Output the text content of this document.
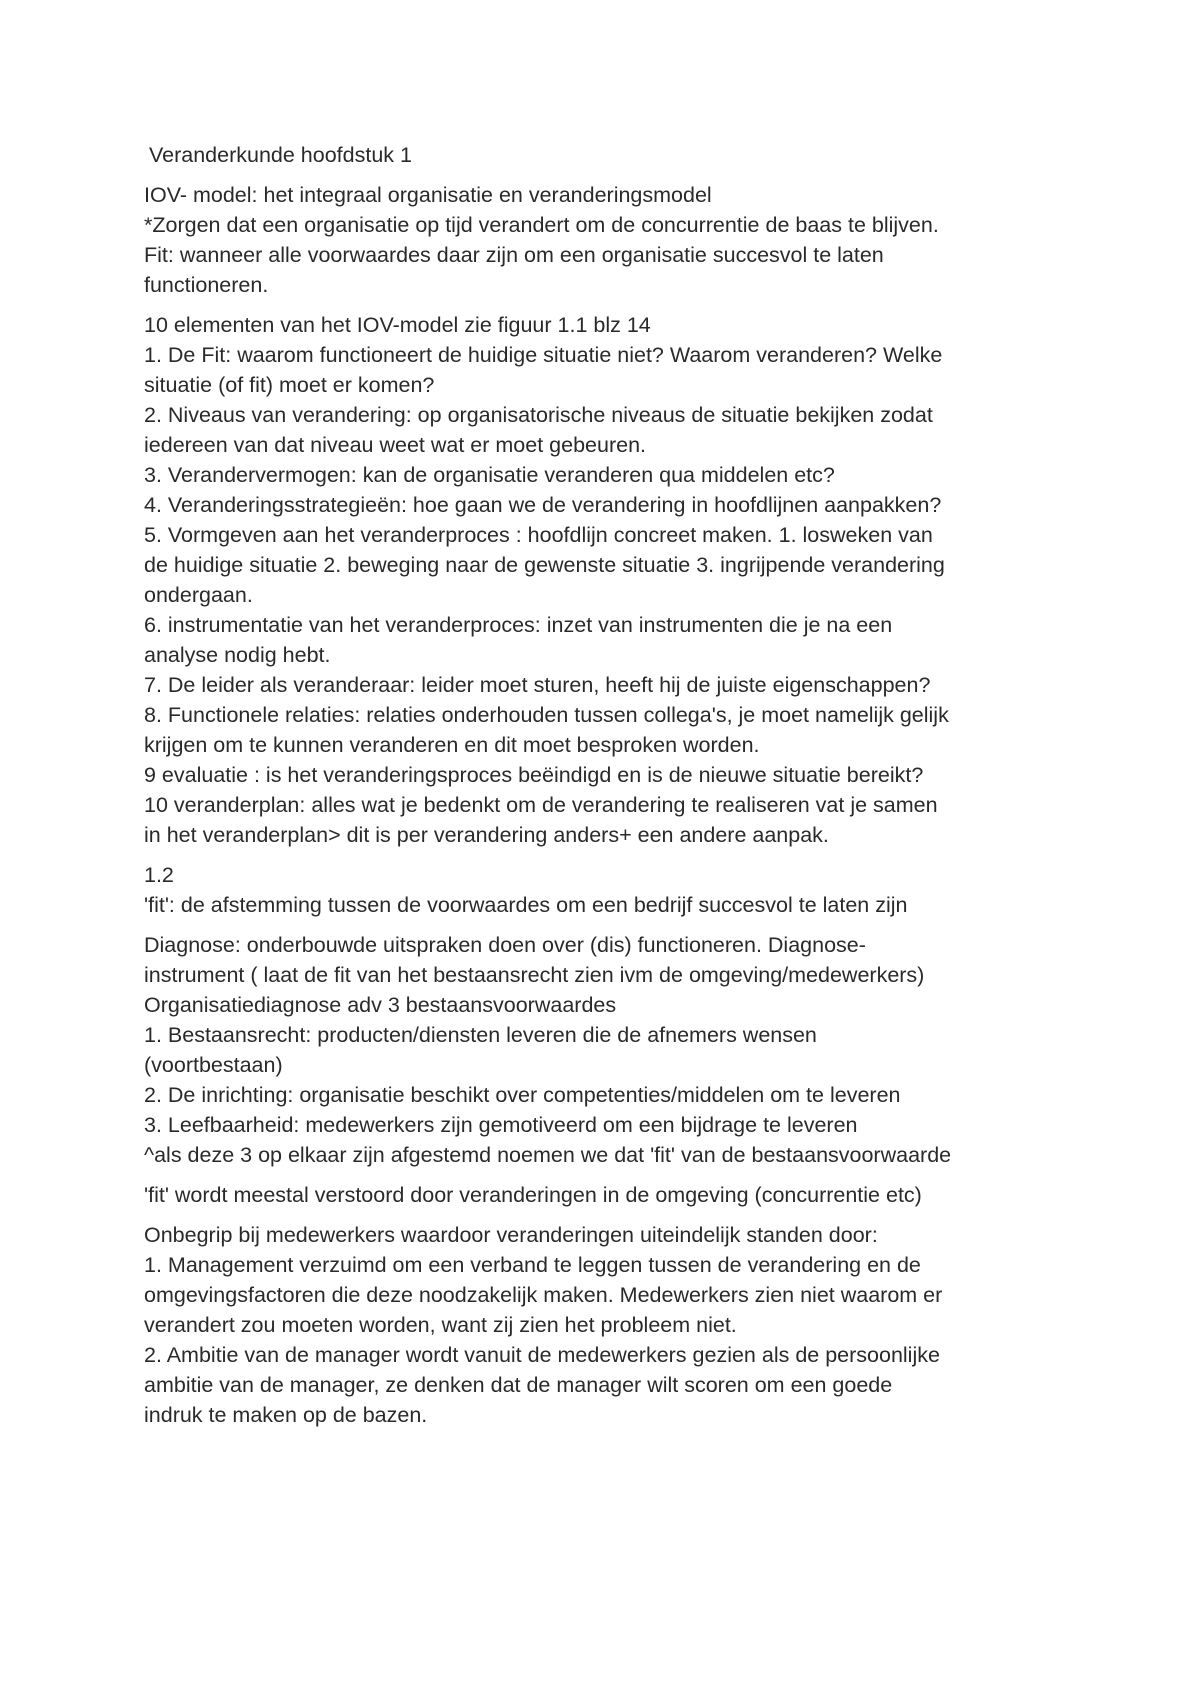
Veranderkunde hoofdstuk 1
IOV- model: het integraal organisatie en veranderingsmodel
*Zorgen dat een organisatie op tijd verandert om de concurrentie de baas te blijven.
Fit: wanneer alle voorwaardes daar zijn om een organisatie succesvol te laten
functioneren.
10 elementen van het IOV-model zie figuur 1.1 blz 14
1. De Fit: waarom functioneert de huidige situatie niet? Waarom veranderen? Welke
situatie (of fit) moet er komen?
2. Niveaus van verandering: op organisatorische niveaus de situatie bekijken zodat
iedereen van dat niveau weet wat er moet gebeuren.
3. Verandervermogen: kan de organisatie veranderen qua middelen etc?
4. Veranderingsstrategieën: hoe gaan we de verandering in hoofdlijnen aanpakken?
5. Vormgeven aan het veranderproces : hoofdlijn concreet maken. 1. losweken van
de huidige situatie 2. beweging naar de gewenste situatie 3. ingrijpende verandering
ondergaan.
6. instrumentatie van het veranderproces: inzet van instrumenten die je na een
analyse nodig hebt.
7. De leider als veranderaar: leider moet sturen, heeft hij de juiste eigenschappen?
8. Functionele relaties: relaties onderhouden tussen collega's, je moet namelijk gelijk
krijgen om te kunnen veranderen en dit moet besproken worden.
9 evaluatie : is het veranderingsproces beëindigd en is de nieuwe situatie bereikt?
10 veranderplan: alles wat je bedenkt om de verandering te realiseren vat je samen
in het veranderplan> dit is per verandering anders+ een andere aanpak.
1.2
'fit': de afstemming tussen de voorwaardes om een bedrijf succesvol te laten zijn
Diagnose: onderbouwde uitspraken doen over (dis) functioneren. Diagnose-
instrument ( laat de fit van het bestaansrecht zien ivm de omgeving/medewerkers)
Organisatiediagnose adv 3 bestaansvoorwaardes
1. Bestaansrecht: producten/diensten leveren die de afnemers wensen
(voortbestaan)
2. De inrichting: organisatie beschikt over competenties/middelen om te leveren
3. Leefbaarheid: medewerkers zijn gemotiveerd om een bijdrage te leveren
^als deze 3 op elkaar zijn afgestemd noemen we dat 'fit' van de bestaansvoorwaarde
'fit' wordt meestal verstoord door veranderingen in de omgeving (concurrentie etc)
Onbegrip bij medewerkers waardoor veranderingen uiteindelijk standen door:
1. Management verzuimd om een verband te leggen tussen de verandering en de
omgevingsfactoren die deze noodzakelijk maken. Medewerkers zien niet waarom er
verandert zou moeten worden, want zij zien het probleem niet.
2. Ambitie van de manager wordt vanuit de medewerkers gezien als de persoonlijke
ambitie van de manager, ze denken dat de manager wilt scoren om een goede
indruk te maken op de bazen.
